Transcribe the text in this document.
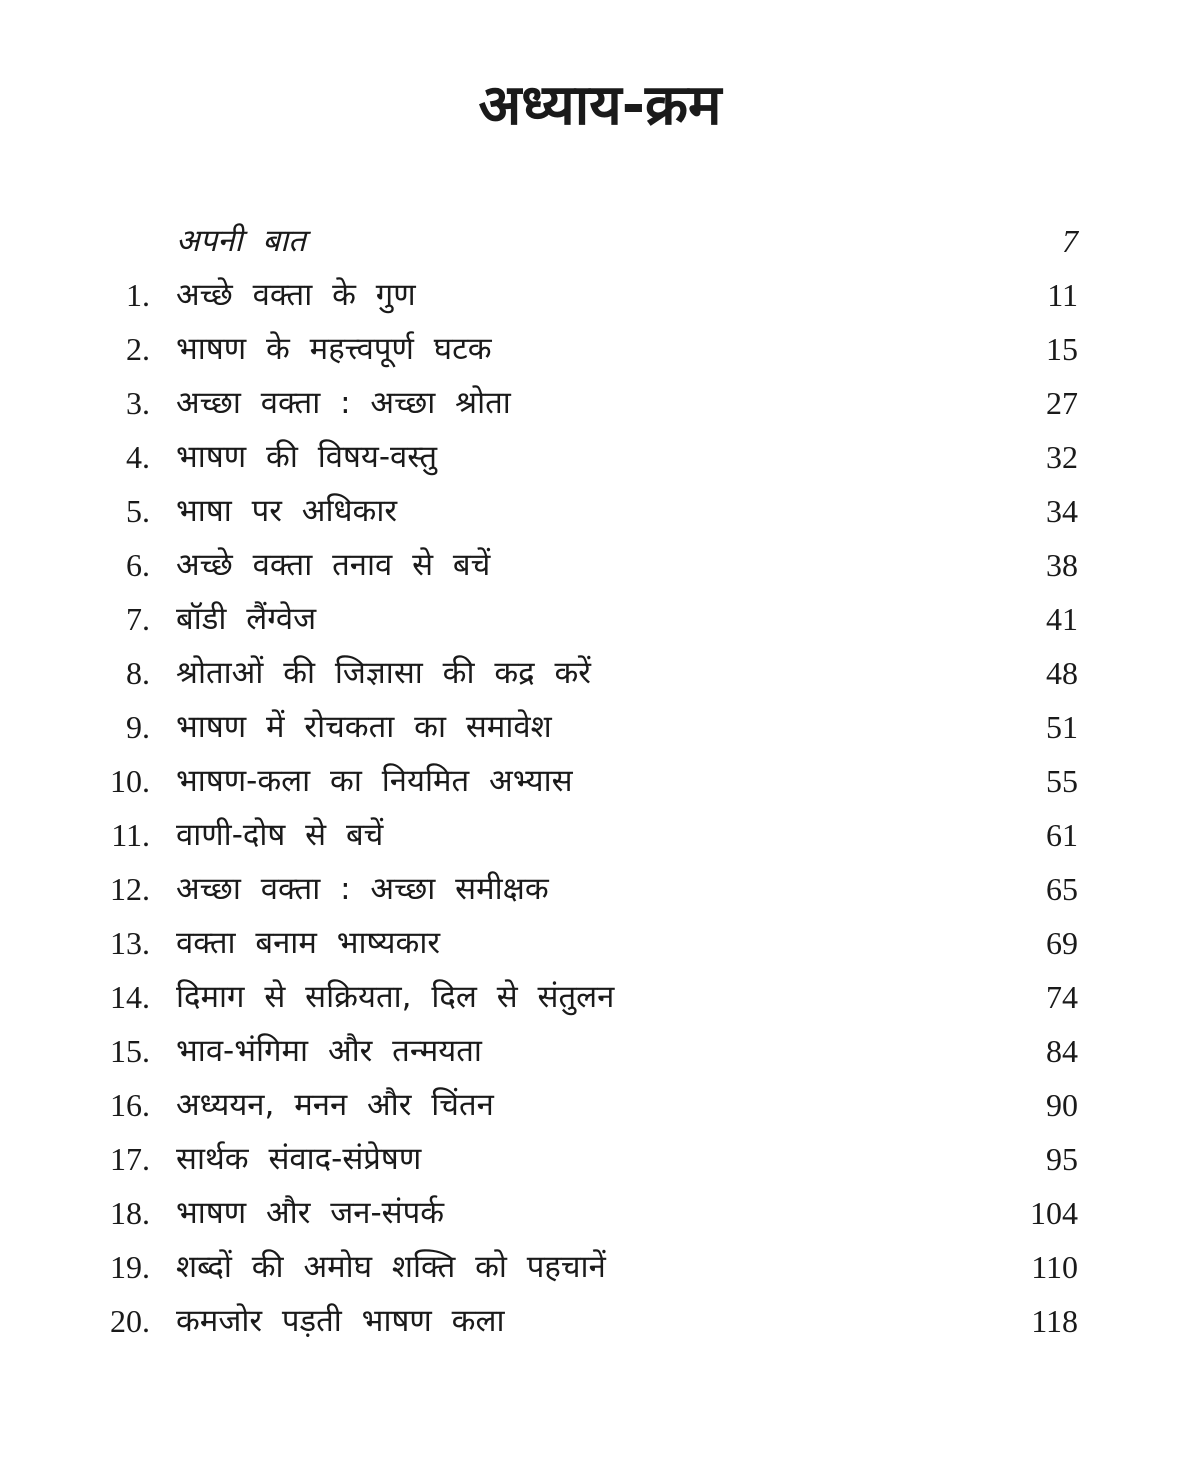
अध्याय-क्रम
अपनी बात	7
1. अच्छे वक्ता के गुण	11
2. भाषण के महत्त्वपूर्ण घटक	15
3. अच्छा वक्ता : अच्छा श्रोता	27
4. भाषण की विषय-वस्तु	32
5. भाषा पर अधिकार	34
6. अच्छे वक्ता तनाव से बचें	38
7. बॉडी लैंग्वेज	41
8. श्रोताओं की जिज्ञासा की कद्र करें	48
9. भाषण में रोचकता का समावेश	51
10. भाषण-कला का नियमित अभ्यास	55
11. वाणी-दोष से बचें	61
12. अच्छा वक्ता : अच्छा समीक्षक	65
13. वक्ता बनाम भाष्यकार	69
14. दिमाग से सक्रियता, दिल से संतुलन	74
15. भाव-भंगिमा और तन्मयता	84
16. अध्ययन, मनन और चिंतन	90
17. सार्थक संवाद-संप्रेषण	95
18. भाषण और जन-संपर्क	104
19. शब्दों की अमोघ शक्ति को पहचानें	110
20. कमजोर पड़ती भाषण कला	118
